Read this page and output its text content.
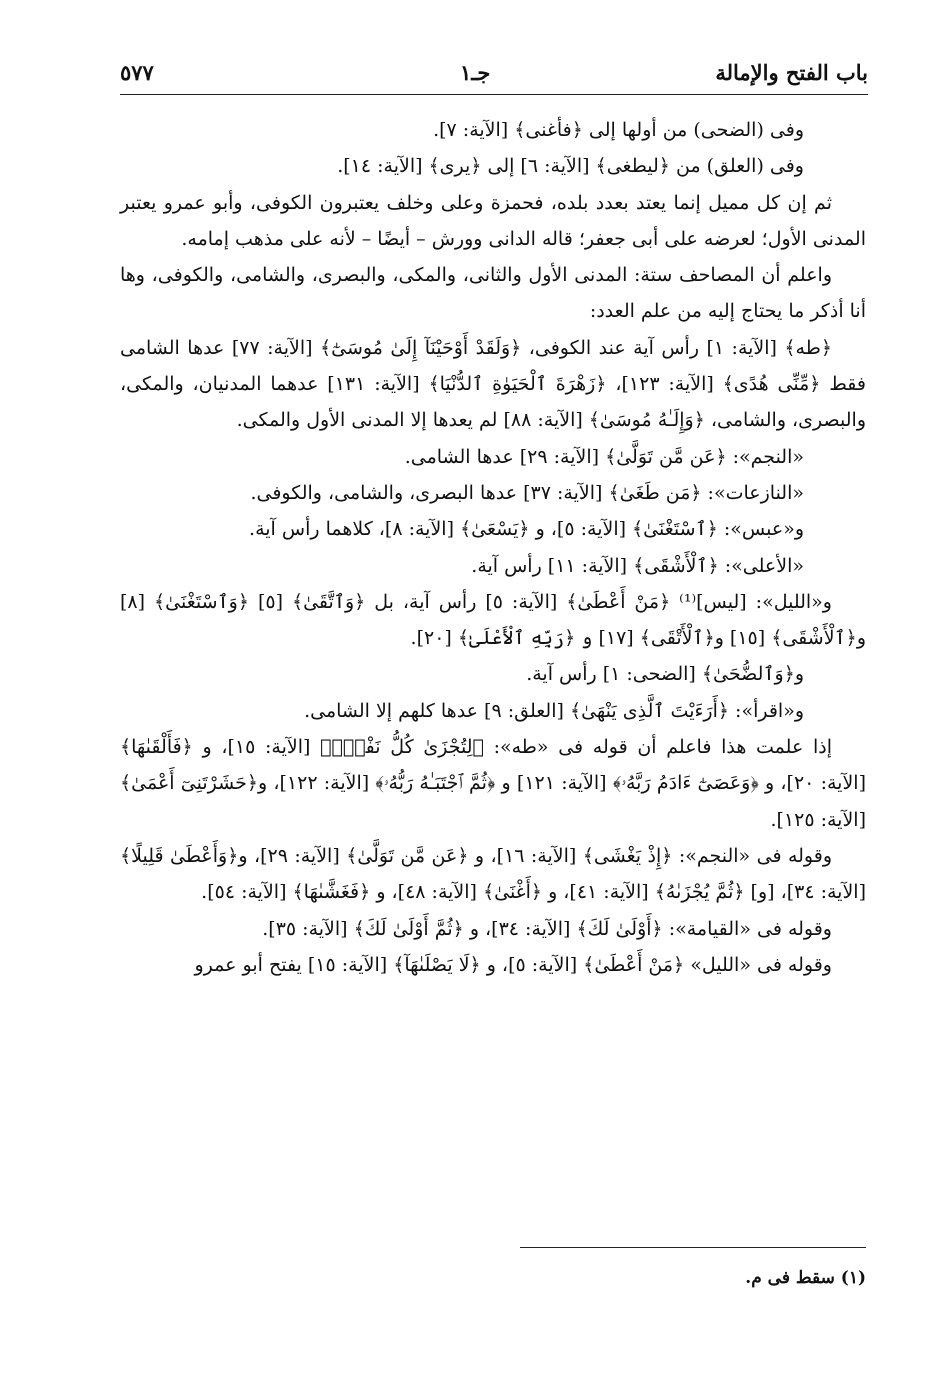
باب الفتح والإمالة
جـ١
٥٧٧

وفى (الضحى) من أولها إلى ﴿فأغنى﴾ [الآية: ٧].

وفى (العلق) من ﴿ليطغى﴾ [الآية: ٦] إلى ﴿يرى﴾ [الآية: ١٤].

ثم إن كل مميل إنما يعتد بعدد بلده، فحمزة وعلى وخلف يعتبرون الكوفى، وأبو عمرو يعتبر المدنى الأول؛ لعرضه على أبى جعفر؛ قاله الدانى وورش – أيضًا – لأنه على مذهب إمامه.

واعلم أن المصاحف ستة: المدنى الأول والثانى، والمكى، والبصرى، والشامى، والكوفى، وها أنا أذكر ما يحتاج إليه من علم العدد:

﴿طه﴾ [الآية: ١] رأس آية عند الكوفى، ﴿وَلَقَدْ أَوْحَيْنَآ إِلَىٰ مُوسَىٰٓ﴾ [الآية: ٧٧] عدها الشامى فقط ﴿مِّنِّى هُدًى﴾ [الآية: ١٢٣]، ﴿زَهْرَةَ ٱلْحَيَوٰةِ ٱلدُّنْيَا﴾ [الآية: ١٣١] عدهما المدنيان، والمكى، والبصرى، والشامى، ﴿وَإِلَـٰهُ مُوسَىٰ﴾ [الآية: ٨٨] لم يعدها إلا المدنى الأول والمكى.

«النجم»: ﴿عَن مَّن تَوَلَّىٰ﴾ [الآية: ٢٩] عدها الشامى.

«النازعات»: ﴿مَن طَغَىٰ﴾ [الآية: ٣٧] عدها البصرى، والشامى، والكوفى.

و«عبس»: ﴿ٱسْتَغْنَىٰ﴾ [الآية: ٥]، و ﴿يَسْعَىٰ﴾ [الآية: ٨]، كلاهما رأس آية.

«الأعلى»: ﴿ٱلْأَشْقَى﴾ [الآية: ١١] رأس آية.

و«الليل»: [ليس]⁽¹⁾ ﴿مَنْ أَعْطَىٰ﴾ [الآية: ٥] رأس آية، بل ﴿وَٱتَّقَىٰ﴾ [٥] ﴿وَٱسْتَغْنَىٰ﴾ [٨] و﴿ٱلْأَشْقَى﴾ [١٥] و﴿ٱلْأَتْقَى﴾ [١٧] و ﴿رَبِّهِ ٱلْأَعْلَىٰ﴾ [٢٠].

و﴿وَٱلضُّحَىٰ﴾ [الضحى: ١] رأس آية.

و«اقرأ»: ﴿أَرَءَيْتَ ٱلَّذِى يَنْهَىٰ﴾ [العلق: ٩] عدها كلهم إلا الشامى.

إذا علمت هذا فاعلم أن قوله فى «طه»: ﴿لِتُجْزَىٰ كُلُّ نَفْسٍۭ﴾ [الآية: ١٥]، و ﴿فَأَلْقَىٰهَا﴾ [الآية: ٢٠]، و ﴿وَعَصَىٰٓ ءَادَمُ رَبَّهُۥ﴾ [الآية: ١٢١] و ﴿ثُمَّ ٱجْتَبَـٰهُ رَبُّهُۥ﴾ [الآية: ١٢٢]، و﴿حَشَرْتَنِىٓ أَعْمَىٰ﴾ [الآية: ١٢٥].

وقوله فى «النجم»: ﴿إِذْ يَغْشَى﴾ [الآية: ١٦]، و ﴿عَن مَّن تَوَلَّىٰ﴾ [الآية: ٢٩]، و﴿وَأَعْطَىٰ قَلِيلًا﴾ [الآية: ٣٤]، [و] ﴿ثُمَّ يُجْزَىٰهُ﴾ [الآية: ٤١]، و ﴿أَغْنَىٰ﴾ [الآية: ٤٨]، و ﴿فَغَشَّىٰهَا﴾ [الآية: ٥٤].

وقوله فى «القيامة»: ﴿أَوْلَىٰ لَكَ﴾ [الآية: ٣٤]، و ﴿ثُمَّ أَوْلَىٰ لَكَ﴾ [الآية: ٣٥].

وقوله فى «الليل» ﴿مَنْ أَعْطَىٰ﴾ [الآية: ٥]، و ﴿لَا يَصْلَىٰهَآ﴾ [الآية: ١٥] يفتح أبو عمرو

(١) سقط فى م.
